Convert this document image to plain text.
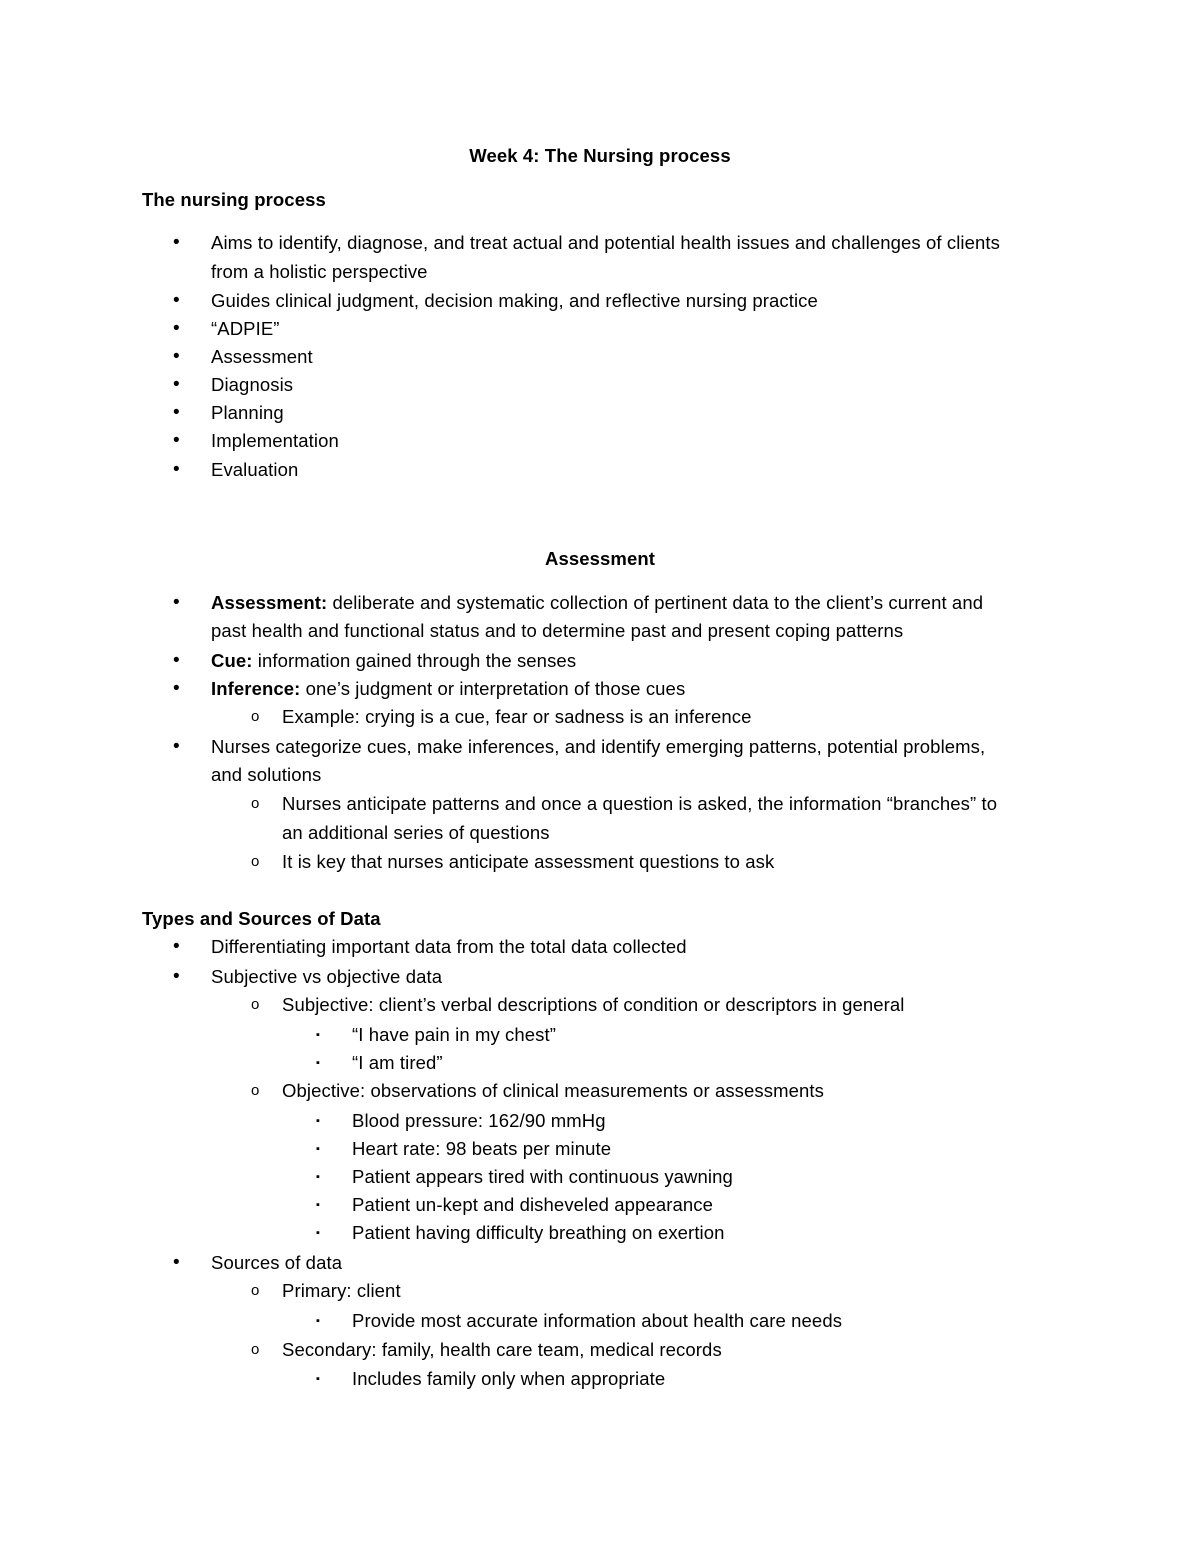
Week 4: The Nursing process
The nursing process
• Aims to identify, diagnose, and treat actual and potential health issues and challenges of clients
from a holistic perspective
• Guides clinical judgment, decision making, and reflective nursing practice
• “ADPIE”
• Assessment
• Diagnosis
• Planning
• Implementation
• Evaluation
Assessment
• Assessment: deliberate and systematic collection of pertinent data to the client’s current and
past health and functional status and to determine past and present coping patterns
• Cue: information gained through the senses
• Inference: one’s judgment or interpretation of those cues
o Example: crying is a cue, fear or sadness is an inference
• Nurses categorize cues, make inferences, and identify emerging patterns, potential problems,
and solutions
o Nurses anticipate patterns and once a question is asked, the information “branches” to
an additional series of questions
o It is key that nurses anticipate assessment questions to ask
Types and Sources of Data
• Differentiating important data from the total data collected
• Subjective vs objective data
o Subjective: client’s verbal descriptions of condition or descriptors in general
▪ “I have pain in my chest”
▪ “I am tired”
o Objective: observations of clinical measurements or assessments
▪ Blood pressure: 162/90 mmHg
▪ Heart rate: 98 beats per minute
▪ Patient appears tired with continuous yawning
▪ Patient un-kept and disheveled appearance
▪ Patient having difficulty breathing on exertion
• Sources of data
o Primary: client
▪ Provide most accurate information about health care needs
o Secondary: family, health care team, medical records
▪ Includes family only when appropriate
